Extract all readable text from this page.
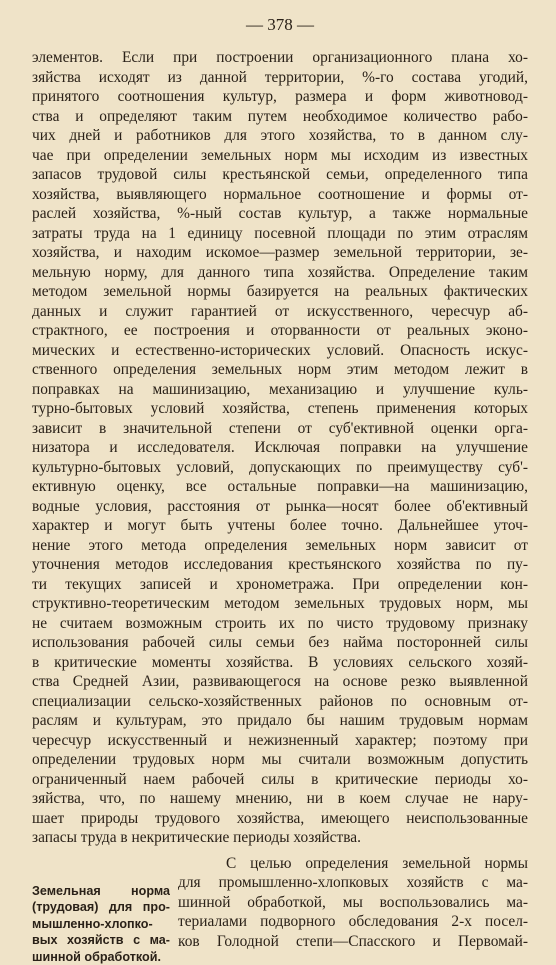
— 378 —
элементов. Если при построении организационного плана хо-
зяйства исходят из данной территории, %-го состава угодий,
принятого соотношения культур, размера и форм животновод-
ства и определяют таким путем необходимое количество рабо-
чих дней и работников для этого хозяйства, то в данном слу-
чае при определении земельных норм мы исходим из известных
запасов трудовой силы крестьянской семьи, определенного типа
хозяйства, выявляющего нормальное соотношение и формы от-
раслей хозяйства, %-ный состав культур, а также нормальные
затраты труда на 1 единицу посевной площади по этим отраслям
хозяйства, и находим искомое—размер земельной территории, зе-
мельную норму, для данного типа хозяйства. Определение таким
методом земельной нормы базируется на реальных фактических
данных и служит гарантией от искусственного, чересчур аб-
страктного, ее построения и оторванности от реальных эконо-
мических и естественно-исторических условий. Опасность искус-
ственного определения земельных норм этим методом лежит в
поправках на машинизацию, механизацию и улучшение куль-
турно-бытовых условий хозяйства, степень применения которых
зависит в значительной степени от суб'ективной оценки орга-
низатора и исследователя. Исключая поправки на улучшение
культурно-бытовых условий, допускающих по преимуществу суб'-
ективную оценку, все остальные поправки—на машинизацию,
водные условия, расстояния от рынка—носят более об'ективный
характер и могут быть учтены более точно. Дальнейшее уточ-
нение этого метода определения земельных норм зависит от
уточнения методов исследования крестьянского хозяйства по пу-
ти текущих записей и хронометража. При определении кон-
структивно-теоретическим методом земельных трудовых норм, мы
не считаем возможным строить их по чисто трудовому признаку
использования рабочей силы семьи без найма посторонней силы
в критические моменты хозяйства. В условиях сельского хозяй-
ства Средней Азии, развивающегося на основе резко выявленной
специализации сельско-хозяйственных районов по основным от-
раслям и культурам, это придало бы нашим трудовым нормам
чересчур искусственный и нежизненный характер; поэтому при
определении трудовых норм мы считали возможным допустить
ограниченный наем рабочей силы в критические периоды хо-
зяйства, что, по нашему мнению, ни в коем случае не нару-
шает природы трудового хозяйства, имеющего неиспользованные
запасы труда в некритические периоды хозяйства.
Земельная норма
(трудовая) для про-
мышленно-хлопко-
вых хозяйств с ма-
шинной обработкой.
С целью определения земельной нормы
для промышленно-хлопковых хозяйств с ма-
шинной обработкой, мы воспользовались ма-
териалами подворного обследования 2-х посел-
ков Голодной степи—Спасского и Первомай-
